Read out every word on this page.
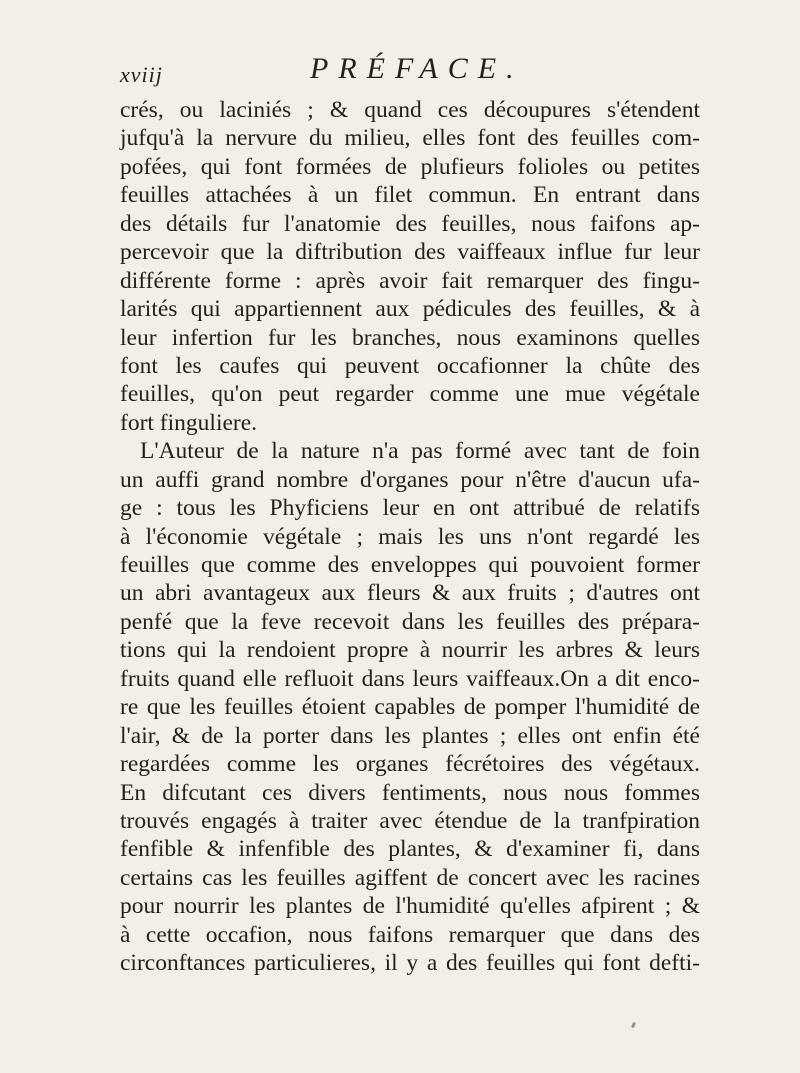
xviij	PRÉFACE.
crés, ou laciniés ; & quand ces découpures s'étendent
jufqu'à la nervure du milieu, elles font des feuilles com-
pofées, qui font formées de plufieurs folioles ou petites
feuilles attachées à un filet commun. En entrant dans
des détails fur l'anatomie des feuilles, nous faifons ap-
percevoir que la diftribution des vaiffeaux influe fur leur
différente forme : après avoir fait remarquer des fingu-
larités qui appartiennent aux pédicules des feuilles, & à
leur infertion fur les branches, nous examinons quelles
font les caufes qui peuvent occafionner la chûte des
feuilles, qu'on peut regarder comme une mue végétale
fort finguliere.
L'Auteur de la nature n'a pas formé avec tant de foin
un auffi grand nombre d'organes pour n'être d'aucun ufa-
ge : tous les Phyficiens leur en ont attribué de relatifs
à l'économie végétale ; mais les uns n'ont regardé les
feuilles que comme des enveloppes qui pouvoient former
un abri avantageux aux fleurs & aux fruits ; d'autres ont
penfé que la feve recevoit dans les feuilles des prépara-
tions qui la rendoient propre à nourrir les arbres & leurs
fruits quand elle refluoit dans leurs vaiffeaux.On a dit enco-
re que les feuilles étoient capables de pomper l'humidité de
l'air, & de la porter dans les plantes ; elles ont enfin été
regardées comme les organes fécrétoires des végétaux.
En difcutant ces divers fentiments, nous nous fommes
trouvés engagés à traiter avec étendue de la tranfpiration
fenfible & infenfible des plantes, & d'examiner fi, dans
certains cas les feuilles agiffent de concert avec les racines
pour nourrir les plantes de l'humidité qu'elles afpirent ; &
à cette occafion, nous faifons remarquer que dans des
circonftances particulieres, il y a des feuilles qui font defti-
